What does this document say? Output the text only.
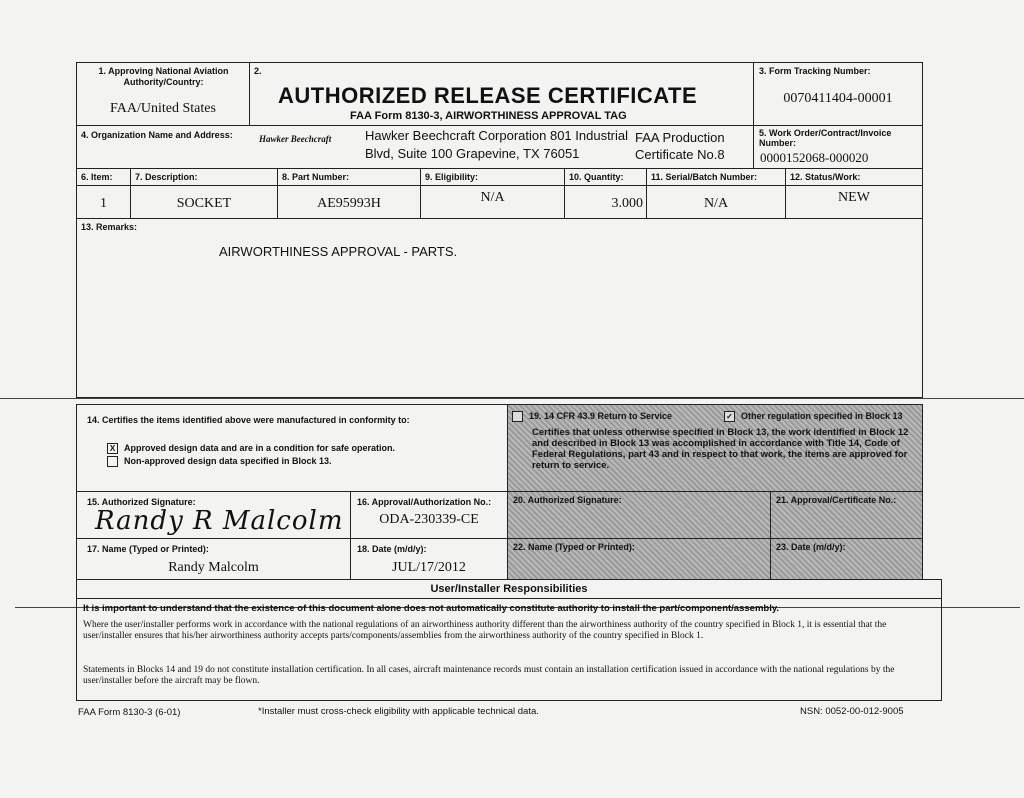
1. Approving National Aviation Authority/Country:
FAA/United States
2.
AUTHORIZED RELEASE CERTIFICATE
FAA Form 8130-3, AIRWORTHINESS APPROVAL TAG
3. Form Tracking Number:
0070411404-00001
4. Organization Name and Address:	Hawker Beechcraft	Hawker Beechcraft Corporation 801 Industrial
Blvd, Suite 100 Grapevine, TX 76051
FAA Production
Certificate No.8
5. Work Order/Contract/Invoice Number:
0000152068-000020
6. Item: 7. Description:	8. Part Number:	9. Eligibility:	10. Quantity:	11. Serial/Batch Number:	12. Status/Work:
1	SOCKET	AE95993H	N/A	3.000	N/A	NEW
13. Remarks:
AIRWORTHINESS APPROVAL - PARTS.
14. Certifies the items identified above were manufactured in conformity to:
X Approved design data and are in a condition for safe operation.
Non-approved design data specified in Block 13.
19. 14 CFR 43.9 Return to Service	✓ Other regulation specified in Block 13
Certifies that unless otherwise specified in Block 13, the work identified in Block 12 and described in Block 13 was accomplished in accordance with Title 14, Code of Federal Regulations, part 43 and in respect to that work, the items are approved for return to service.
15. Authorized Signature:
Randy R Malcolm
16. Approval/Authorization No.:
ODA-230339-CE
20. Authorized Signature:	21. Approval/Certificate No.:
17. Name (Typed or Printed):
Randy Malcolm
18. Date (m/d/y):
JUL/17/2012
22. Name (Typed or Printed):	23. Date (m/d/y):
User/Installer Responsibilities
It is important to understand that the existence of this document alone does not automatically constitute authority to install the part/component/assembly.
Where the user/installer performs work in accordance with the national regulations of an airworthiness authority different than the airworthiness authority of the country specified in Block 1, it is essential that the user/installer ensures that his/her airworthiness authority accepts parts/components/assemblies from the airworthiness authority of the country specified in Block 1.
Statements in Blocks 14 and 19 do not constitute installation certification. In all cases, aircraft maintenance records must contain an installation certification issued in accordance with the national regulations by the user/installer before the aircraft may be flown.
FAA Form 8130-3 (6-01)	*Installer must cross-check eligibility with applicable technical data.	NSN: 0052-00-012-9005
